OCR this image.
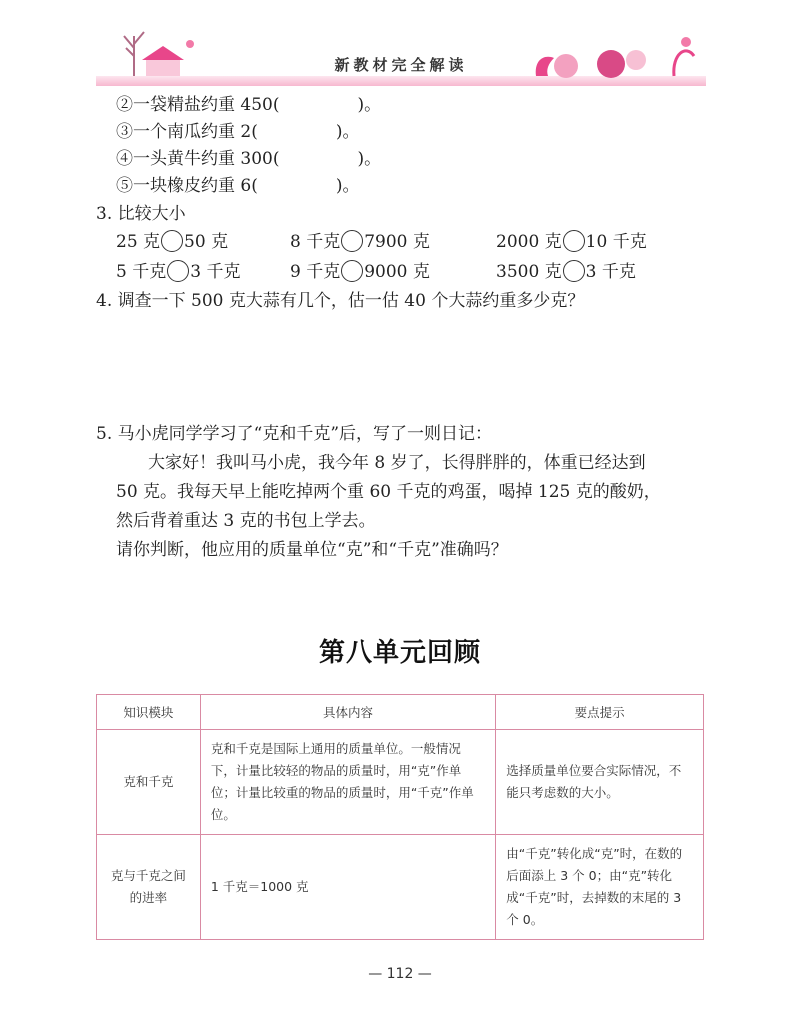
新教材完全解读
②一袋精盐约重 450(	)。
③一个南瓜约重 2(	)。
④一头黄牛约重 300(	)。
⑤一块橡皮约重 6(	)。
3. 比较大小
25 克 50 克	8 千克 7900 克	2000 克 10 千克
5 千克 3 千克	9 千克 9000 克	3500 克 3 千克
4. 调查一下 500 克大蒜有几个，估一估 40 个大蒜约重多少克？
5. 马小虎同学学习了“克和千克”后，写了一则日记：
大家好！我叫马小虎，我今年 8 岁了，长得胖胖的，体重已经达到
50 克。我每天早上能吃掉两个重 60 千克的鸡蛋，喝掉 125 克的酸奶，
然后背着重达 3 克的书包上学去。
请你判断，他应用的质量单位“克”和“千克”准确吗？
第八单元回顾
知识模块	具体内容	要点提示
克和千克	克和千克是国际上通用的质量单位。一般情况下，计量比较轻的物品的质量时，用“克”作单位；计量比较重的物品的质量时，用“千克”作单位。	选择质量单位要合实际情况，不能只考虑数的大小。
克与千克之间的进率	1 千克＝1000 克	由“千克”转化成“克”时，在数的后面添上 3 个 0；由“克”转化成“千克”时，去掉数的末尾的 3 个 0。
— 112 —
